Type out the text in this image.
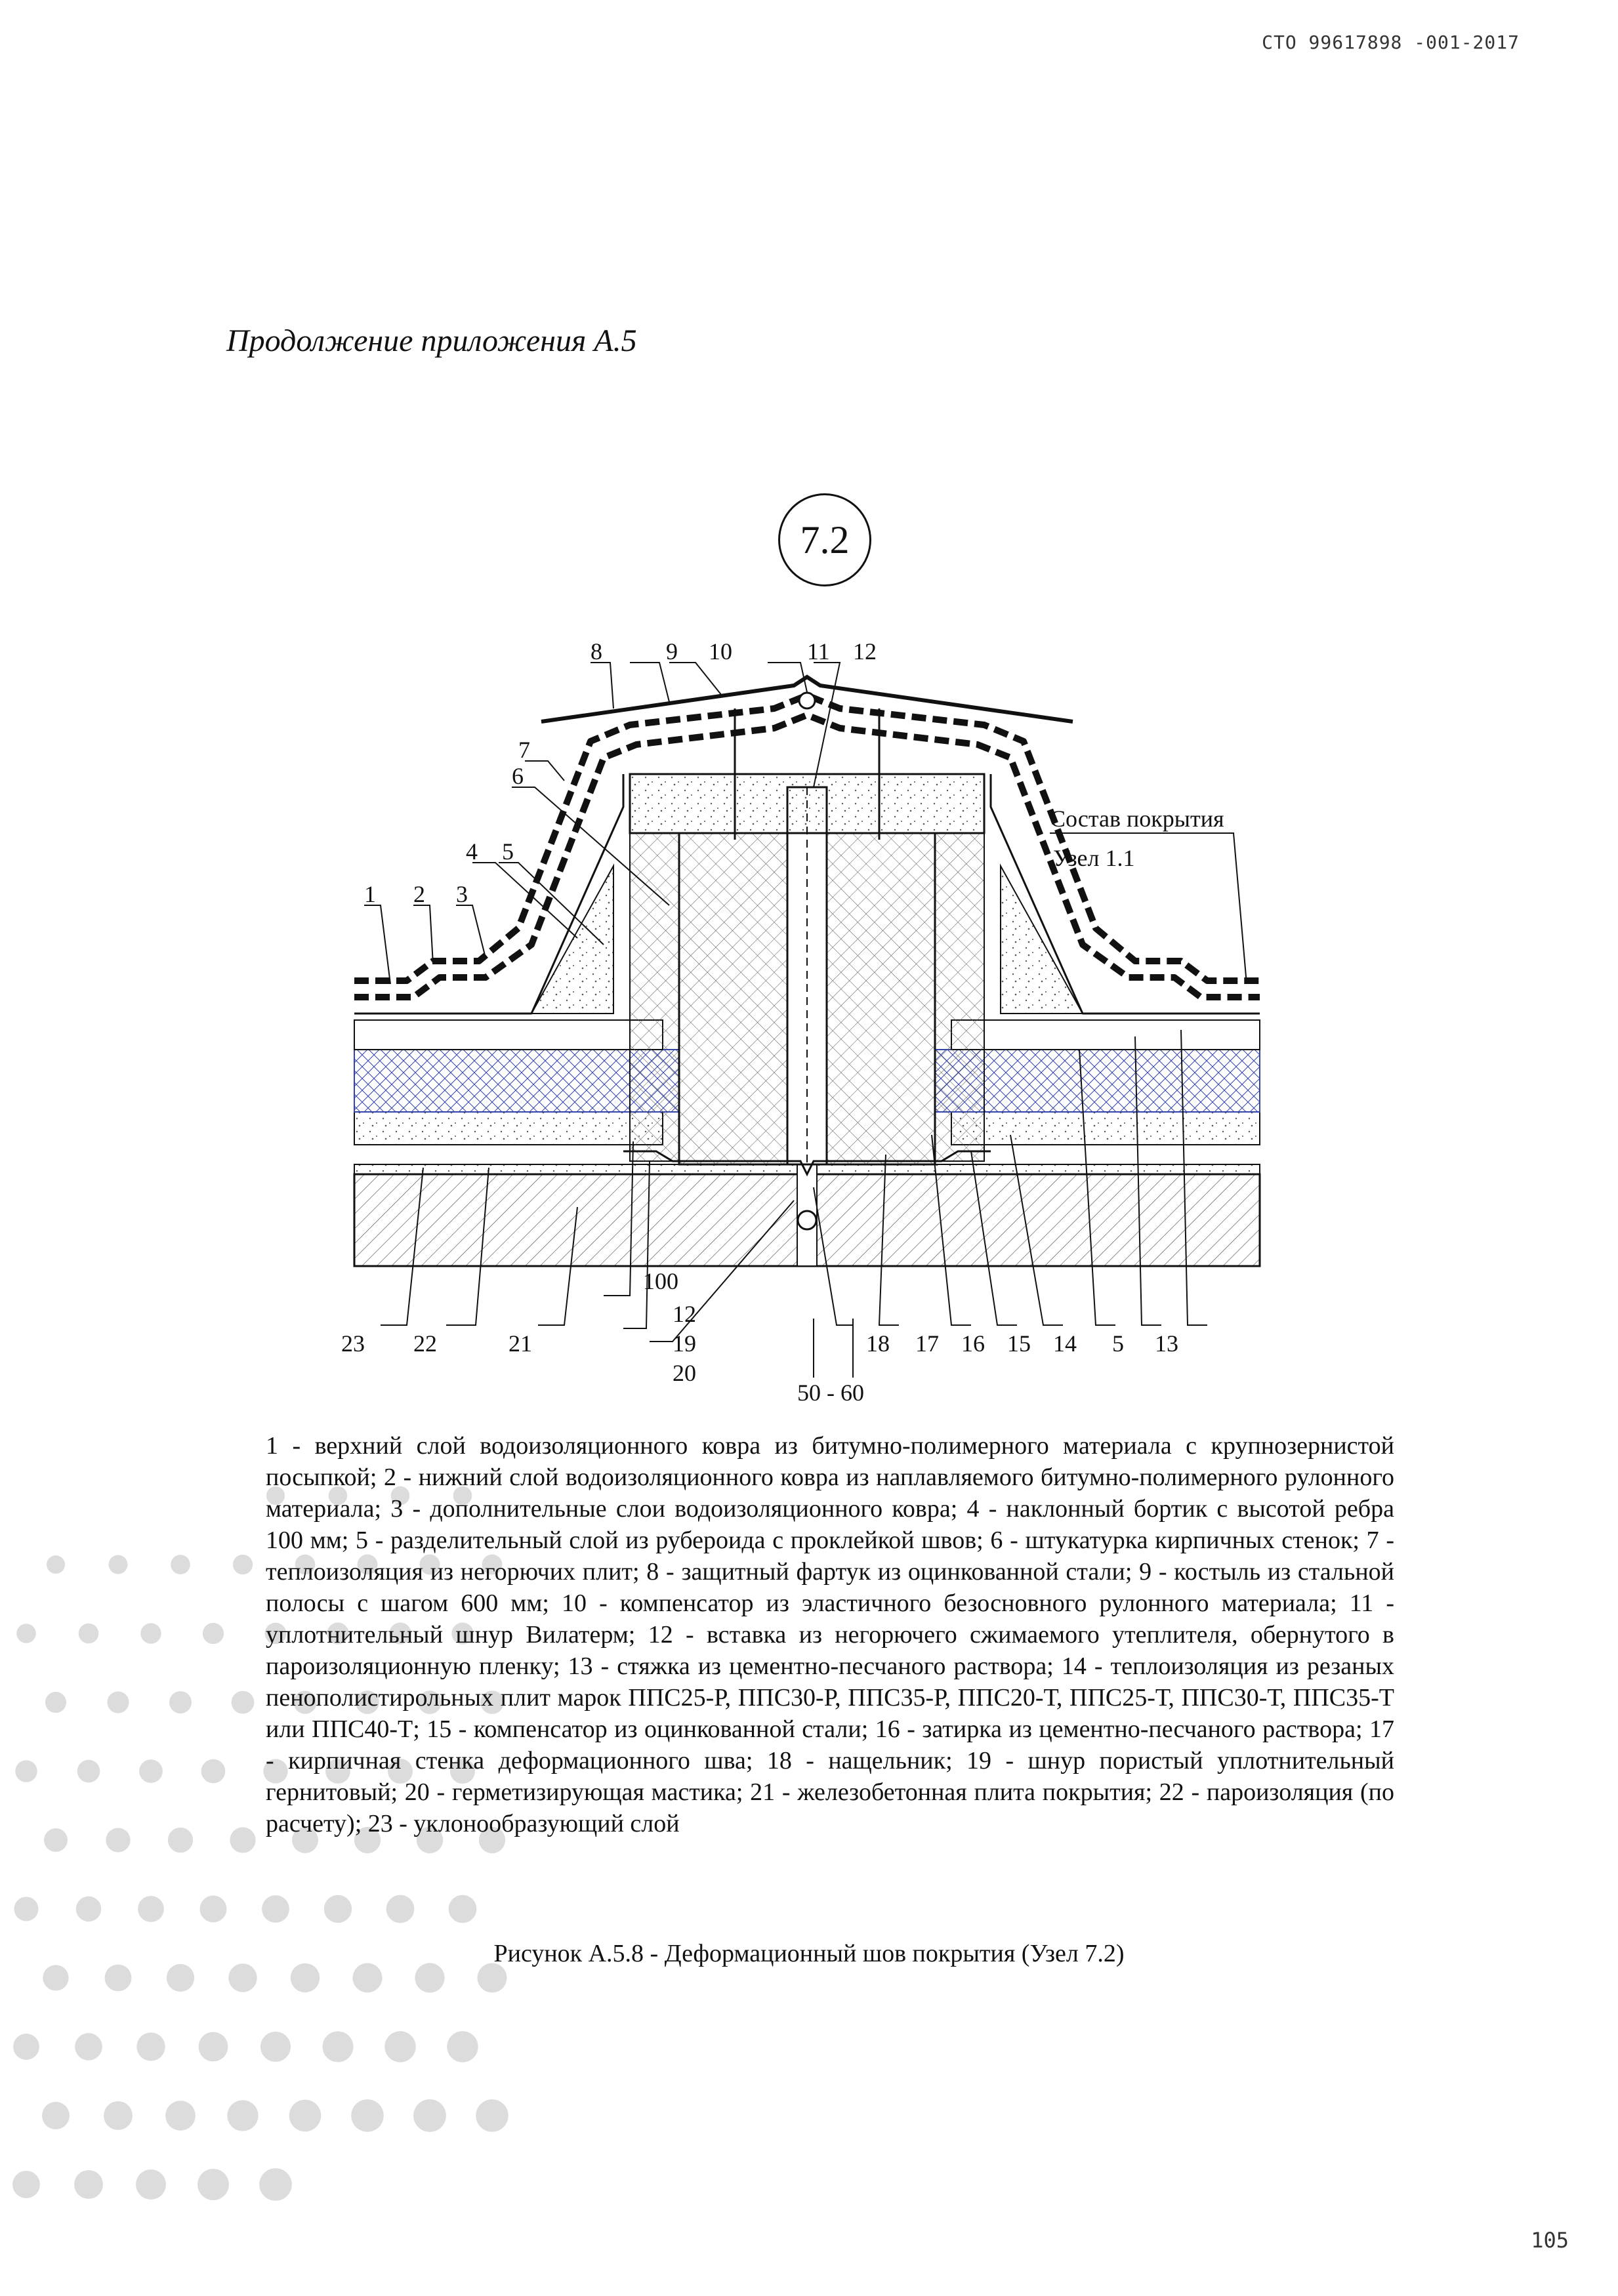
СТО 99617898 -001-2017
Продолжение приложения А.5
7.2
8	9 10	11 12
7
6
4 5
1 2 3
Состав покрытия
Узел 1.1
23 22	21
100
12
19
20
18 17 16 15 14 5 13
50 - 60
1 - верхний слой водоизоляционного ковра из битумно-полимерного материала с крупнозернистой посыпкой; 2 - нижний слой водоизоляционного ковра из наплавляемого битумно-полимерного рулонного материала; 3 - дополнительные слои водоизоляционного ковра; 4 - наклонный бортик с высотой ребра 100 мм; 5 - разделительный слой из рубероида с проклейкой швов; 6 - штукатурка кирпичных стенок; 7 - теплоизоляция из негорючих плит; 8 - защитный фартук из оцинкованной стали; 9 - костыль из стальной полосы с шагом 600 мм; 10 - компенсатор из эластичного безосновного рулонного материала; 11 - уплотнительный шнур Вилатерм; 12 - вставка из негорючего сжимаемого утеплителя, обернутого в пароизоляционную пленку; 13 - стяжка из цементно-песчаного раствора; 14 - теплоизоляция из резаных пенополистирольных плит марок ППС25-Р, ППС30-Р, ППС35-Р, ППС20-Т, ППС25-Т, ППС30-Т, ППС35-Т или ППС40-Т; 15 - компенсатор из оцинкованной стали; 16 - затирка из цементно-песчаного раствора; 17 - кирпичная стенка деформационного шва; 18 - нащельник; 19 - шнур пористый уплотнительный гернитовый; 20 - герметизирующая мастика; 21 - железобетонная плита покрытия; 22 - пароизоляция (по расчету); 23 - уклонообразующий слой
Рисунок А.5.8 - Деформационный шов покрытия (Узел 7.2)
105
